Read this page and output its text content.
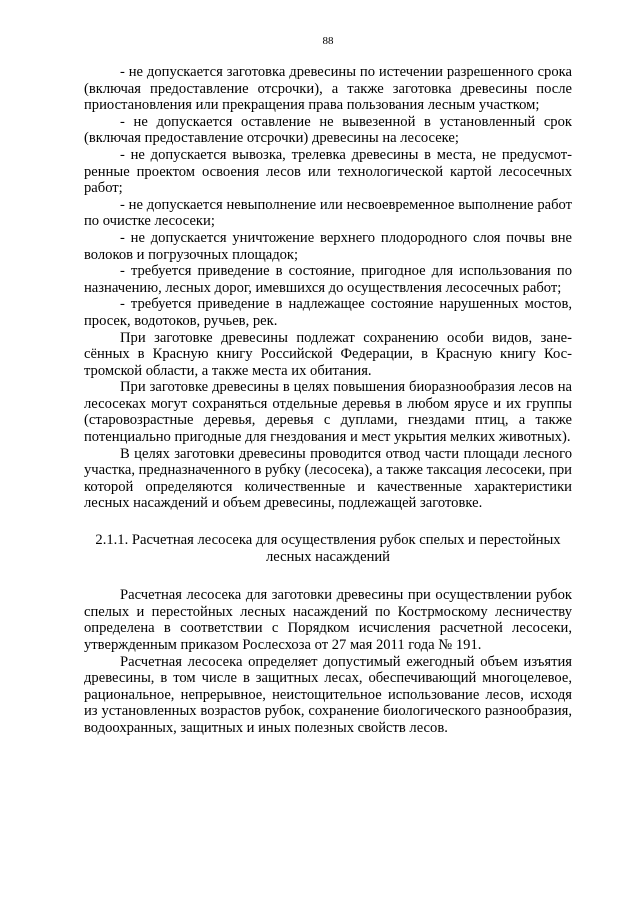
88

- не допускается заготовка древесины по истечении разрешенного срока (включая предоставление отсрочки), а также заготовка древесины после приостановления или прекращения права пользования лесным участком;

- не допускается оставление не вывезенной в установленный срок (включая предоставление отсрочки) древесины на лесосеке;

- не допускается вывозка, трелевка древесины в места, не предусмотренные проектом освоения лесов или технологической картой лесосечных работ;

- не допускается невыполнение или несвоевременное выполнение работ по очистке лесосеки;

- не допускается уничтожение верхнего плодородного слоя почвы вне волоков и погрузочных площадок;

- требуется приведение в состояние, пригодное для использования по назначению, лесных дорог, имевшихся до осуществления лесосечных работ;

- требуется приведение в надлежащее состояние нарушенных мостов, просек, водотоков, ручьев, рек.

При заготовке древесины подлежат сохранению особи видов, занесённых в Красную книгу Российской Федерации, в Красную книгу Костромской области, а также места их обитания.

При заготовке древесины в целях повышения биоразнообразия лесов на лесосеках могут сохраняться отдельные деревья в любом ярусе и их группы (старовозрастные деревья, деревья с дуплами, гнездами птиц, а также потенциально пригодные для гнездования и мест укрытия мелких животных).

В целях заготовки древесины проводится отвод части площади лесного участка, предназначенного в рубку (лесосека), а также таксация лесосеки, при которой определяются количественные и качественные характеристики лесных насаждений и объем древесины, подлежащей заготовке.

2.1.1. Расчетная лесосека для осуществления рубок спелых и перестойных
лесных насаждений

Расчетная лесосека для заготовки древесины при осуществлении рубок спелых и перестойных лесных насаждений по Кострмоскому лесничеству определена в соответствии с Порядком исчисления расчетной лесосеки, утвержденным приказом Рослесхоза от 27 мая 2011 года № 191.

Расчетная лесосека определяет допустимый ежегодный объем изъятия древесины, в том числе в защитных лесах, обеспечивающий многоцелевое, рациональное, непрерывное, неистощительное использование лесов, исходя из установленных возрастов рубок, сохранение биологического разнообразия, водоохранных, защитных и иных полезных свойств лесов.
